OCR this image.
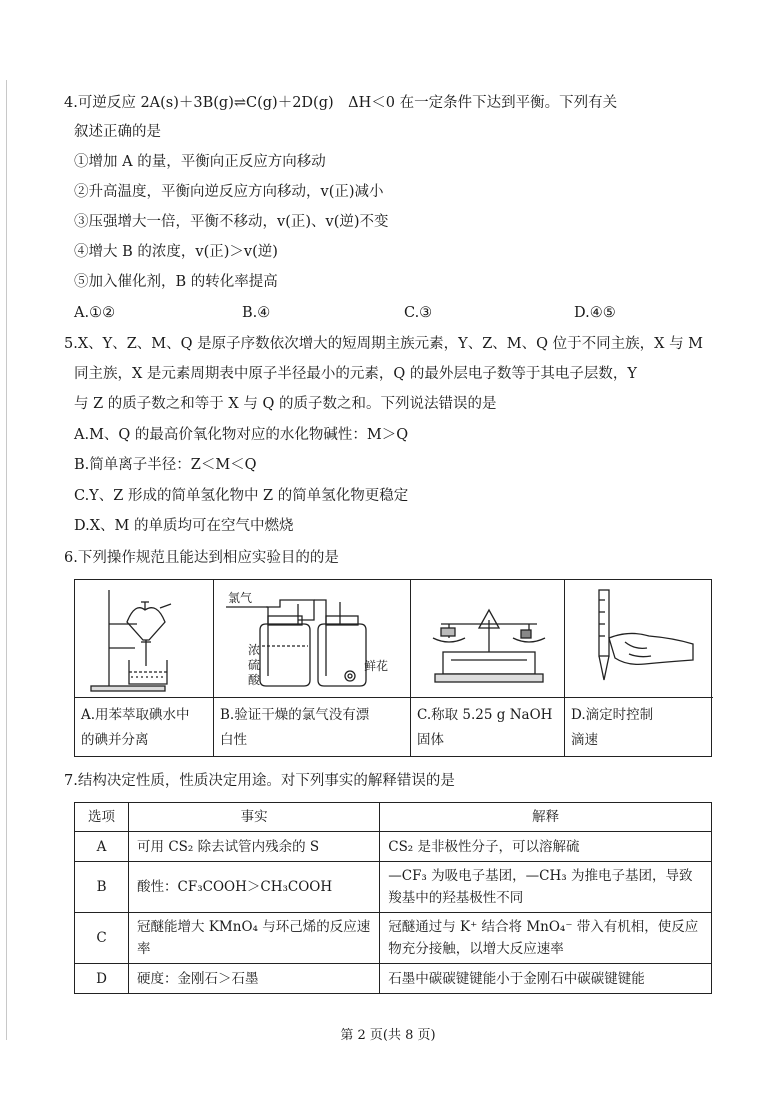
4.可逆反应 2A(s)＋3B(g)⇌C(g)＋2D(g)　ΔH＜0 在一定条件下达到平衡。下列有关
叙述正确的是
①增加 A 的量，平衡向正反应方向移动
②升高温度，平衡向逆反应方向移动，v(正)减小
③压强增大一倍，平衡不移动，v(正)、v(逆)不变
④增大 B 的浓度，v(正)＞v(逆)
⑤加入催化剂，B 的转化率提高
A.①②	B.④	C.③	D.④⑤
5.X、Y、Z、M、Q 是原子序数依次增大的短周期主族元素，Y、Z、M、Q 位于不同主族，X 与 M
同主族，X 是元素周期表中原子半径最小的元素，Q 的最外层电子数等于其电子层数，Y
与 Z 的质子数之和等于 X 与 Q 的质子数之和。下列说法错误的是
A.M、Q 的最高价氧化物对应的水化物碱性：M＞Q
B.简单离子半径：Z＜M＜Q
C.Y、Z 形成的简单氢化物中 Z 的简单氢化物更稳定
D.X、M 的单质均可在空气中燃烧
6.下列操作规范且能达到相应实验目的的是
A.用苯萃取碘水中
的碘并分离
氯气
浓
硫
酸
鲜花
B.验证干燥的氯气没有漂
白性
C.称取 5.25 g NaOH
固体
D.滴定时控制
滴速
7.结构决定性质，性质决定用途。对下列事实的解释错误的是
选项	事实	解释
A	可用 CS₂ 除去试管内残余的 S	CS₂ 是非极性分子，可以溶解硫
B	酸性：CF₃COOH＞CH₃COOH	—CF₃ 为吸电子基团，—CH₃ 为推电子基团，导致羧基中的羟基极性不同
C	冠醚能增大 KMnO₄ 与环己烯的反应速率	冠醚通过与 K⁺ 结合将 MnO₄⁻ 带入有机相，使反应物充分接触，以增大反应速率
D	硬度：金刚石＞石墨	石墨中碳碳键键能小于金刚石中碳碳键键能
第 2 页(共 8 页)
